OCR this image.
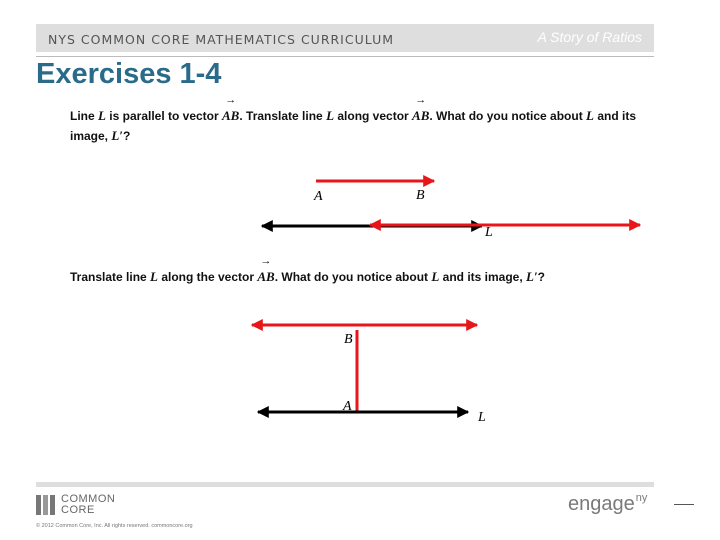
NYS COMMON CORE MATHEMATICS CURRICULUM	A Story of Ratios
Exercises 1-4
Line L is parallel to vector → AB. Translate line L along vector → AB. What do you notice about L and its image, L′?
Translate line L along the vector → AB. What do you notice about L and its image, L′?
A	B
L
B
A
L
COMMON
CORE
© 2012 Common Core, Inc. All rights reserved. commoncore.org
engage$^{ny}$
